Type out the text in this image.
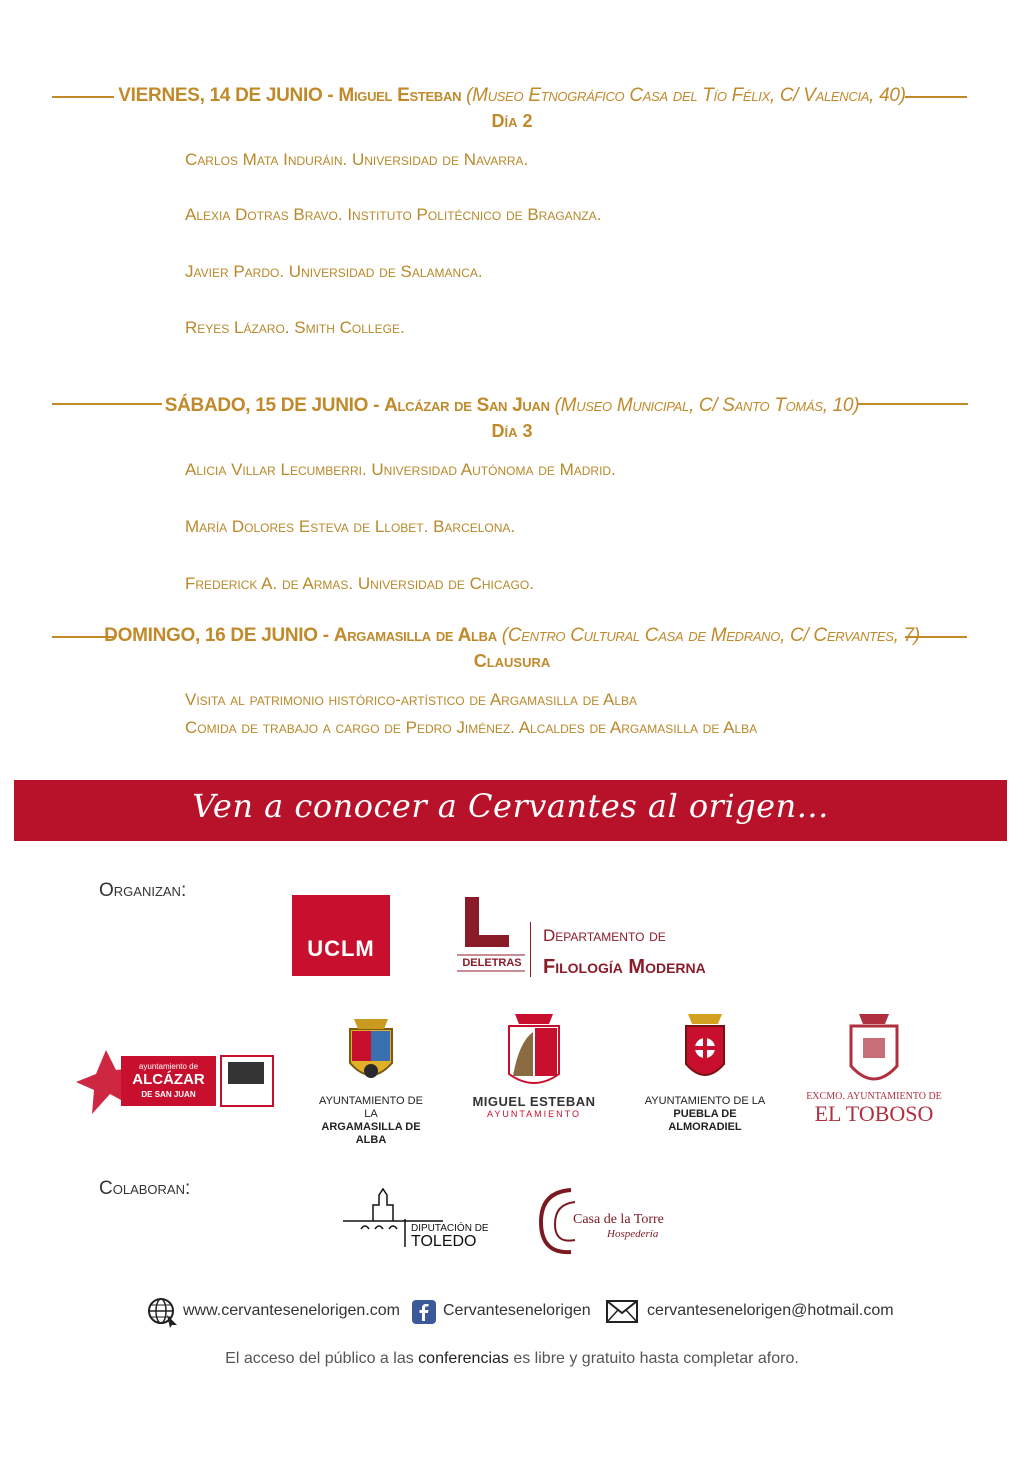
VIERNES, 14 DE JUNIO - Miguel Esteban (Museo Etnográfico Casa del Tío Félix, C/ Valencia, 40)
Día 2
Carlos Mata Induráin. Universidad de Navarra.
Alexia Dotras Bravo. Instituto Politécnico de Braganza.
Javier Pardo. Universidad de Salamanca.
Reyes Lázaro. Smith College.
SÁBADO, 15 DE JUNIO - Alcázar de San Juan (Museo Municipal, C/ Santo Tomás, 10)
Día 3
Alicia Villar Lecumberri. Universidad Autónoma de Madrid.
María Dolores Esteva de Llobet. Barcelona.
Frederick A. de Armas. Universidad de Chicago.
DOMINGO, 16 DE JUNIO - Argamasilla de Alba (Centro Cultural Casa de Medrano, C/ Cervantes, 7)
Clausura
Visita al patrimonio histórico-artístico de Argamasilla de Alba
Comida de trabajo a cargo de Pedro Jiménez. Alcaldes de Argamasilla de Alba
Ven a conocer a Cervantes al origen...
Organizan:
UCLM
DELETRAS
Departamento de
Filología Moderna
ayuntamiento de
ALCÁZAR
DE SAN JUAN
AYUNTAMIENTO DE LA
ARGAMASILLA DE ALBA
MIGUEL ESTEBAN
AYUNTAMIENTO
AYUNTAMIENTO DE LA
PUEBLA DE ALMORADIEL
EXCMO. AYUNTAMIENTO DE
EL TOBOSO
Colaboran:
DIPUTACIÓN DE
TOLEDO
Casa de la Torre
Hospedería
www.cervantesenelorigen.com	Cervantesenelorigen	cervantesenelorigen@hotmail.com
El acceso del público a las conferencias es libre y gratuito hasta completar aforo.
